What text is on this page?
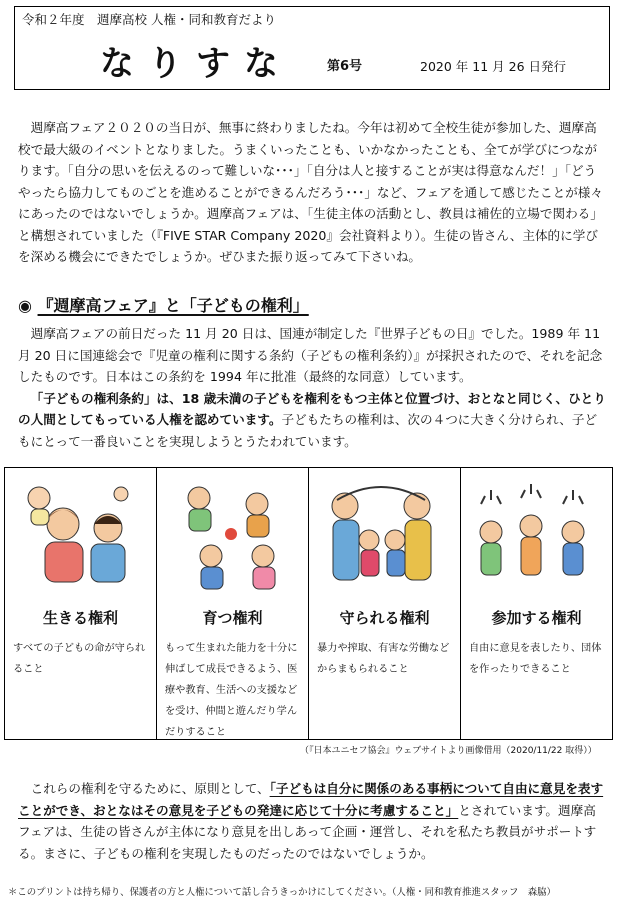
令和２年度　週摩高校 人権・同和教育だより
なりすな	第6号	2020 年 11 月 26 日発行

週摩高フェア２０２０の当日が、無事に終わりましたね。今年は初めて全校生徒が参加した、週摩高校で最大級のイベントとなりました。うまくいったことも、いかなかったことも、全てが学びにつながります。「自分の思いを伝えるのって難しいな･･･」「自分は人と接することが実は得意なんだ！」「どうやったら協力してものごとを進めることができるんだろう･･･」など、フェアを通して感じたことが様々にあったのではないでしょうか。週摩高フェアは、「生徒主体の活動とし、教員は補佐的立場で関わる」と構想されていました（『FIVE STAR Company 2020』会社資料より）。生徒の皆さん、主体的に学びを深める機会にできたでしょうか。ぜひまた振り返ってみて下さいね。

◉ 『週摩高フェア』と「子どもの権利」

週摩高フェアの前日だった 11 月 20 日は、国連が制定した『世界子どもの日』でした。1989 年 11 月 20 日に国連総会で『児童の権利に関する条約（子どもの権利条約）』が採択されたので、それを記念したものです。日本はこの条約を 1994 年に批准（最終的な同意）しています。
「子どもの権利条約」は、18 歳未満の子どもを権利をもつ主体と位置づけ、おとなと同じく、ひとりの人間としてもっている人権を認めています。子どもたちの権利は、次の４つに大きく分けられ、子どもにとって一番良いことを実現しようとうたわれています。

生きる権利
すべての子どもの命が守られること
育つ権利
もって生まれた能力を十分に伸ばして成長できるよう、医療や教育、生活への支援などを受け、仲間と遊んだり学んだりすること
守られる権利
暴力や搾取、有害な労働などからまもられること
参加する権利
自由に意見を表したり、団体を作ったりできること
（『日本ユニセフ協会』ウェブサイトより画像借用（2020/11/22 取得））

これらの権利を守るために、原則として、「子どもは自分に関係のある事柄について自由に意見を表すことができ、おとなはその意見を子どもの発達に応じて十分に考慮すること」とされています。週摩高フェアは、生徒の皆さんが主体になり意見を出しあって企画・運営し、それを私たち教員がサポートする。まさに、子どもの権利を実現したものだったのではないでしょうか。

＊このプリントは持ち帰り、保護者の方と人権について話し合うきっかけにしてください。（人権・同和教育推進スタッフ　森脇）
